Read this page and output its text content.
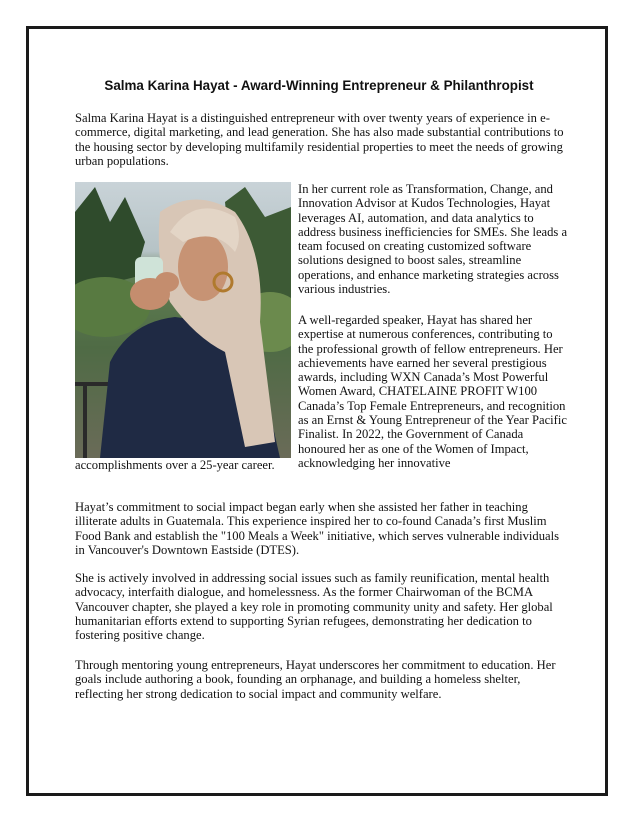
Salma Karina Hayat - Award-Winning Entrepreneur & Philanthropist

Salma Karina Hayat is a distinguished entrepreneur with over twenty years of experience in e-commerce, digital marketing, and lead generation. She has also made substantial contributions to the housing sector by developing multifamily residential properties to meet the needs of growing urban populations.

In her current role as Transformation, Change, and Innovation Advisor at Kudos Technologies, Hayat leverages AI, automation, and data analytics to address business inefficiencies for SMEs. She leads a team focused on creating customized software solutions designed to boost sales, streamline operations, and enhance marketing strategies across various industries.

A well-regarded speaker, Hayat has shared her expertise at numerous conferences, contributing to the professional growth of fellow entrepreneurs. Her achievements have earned her several prestigious awards, including WXN Canada’s Most Powerful Women Award, CHATELAINE PROFIT W100 Canada’s Top Female Entrepreneurs, and recognition as an Ernst & Young Entrepreneur of the Year Pacific Finalist. In 2022, the Government of Canada honoured her as one of the Women of Impact, acknowledging her innovative

accomplishments over a 25-year career.

Hayat’s commitment to social impact began early when she assisted her father in teaching illiterate adults in Guatemala. This experience inspired her to co-found Canada’s first Muslim Food Bank and establish the "100 Meals a Week" initiative, which serves vulnerable individuals in Vancouver's Downtown Eastside (DTES).

She is actively involved in addressing social issues such as family reunification, mental health advocacy, interfaith dialogue, and homelessness. As the former Chairwoman of the BCMA Vancouver chapter, she played a key role in promoting community unity and safety. Her global humanitarian efforts extend to supporting Syrian refugees, demonstrating her dedication to fostering positive change.

Through mentoring young entrepreneurs, Hayat underscores her commitment to education. Her goals include authoring a book, founding an orphanage, and building a homeless shelter, reflecting her strong dedication to social impact and community welfare.
